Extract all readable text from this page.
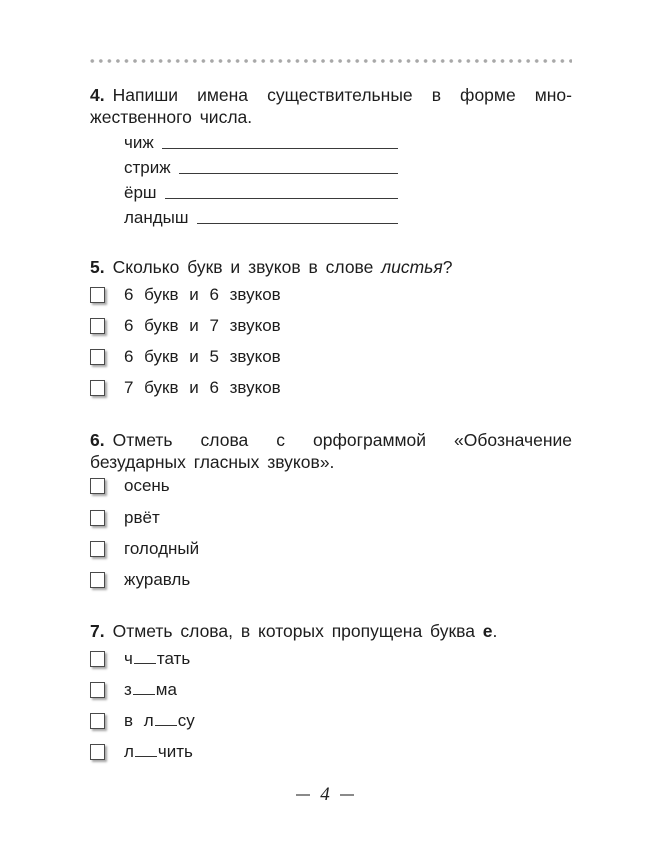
4. Напиши имена существительные в форме мно-
жественного числа.
чиж
стриж
ёрш
ландыш
5. Сколько букв и звуков в слове листья?
6 букв и 6 звуков
6 букв и 7 звуков
6 букв и 5 звуков
7 букв и 6 звуков
6. Отметь слова с орфограммой «Обозначение
безударных гласных звуков».
осень
рвёт
голодный
журавль
7. Отметь слова, в которых пропущена буква е.
ч тать
з ма
в л су
л чить
4
